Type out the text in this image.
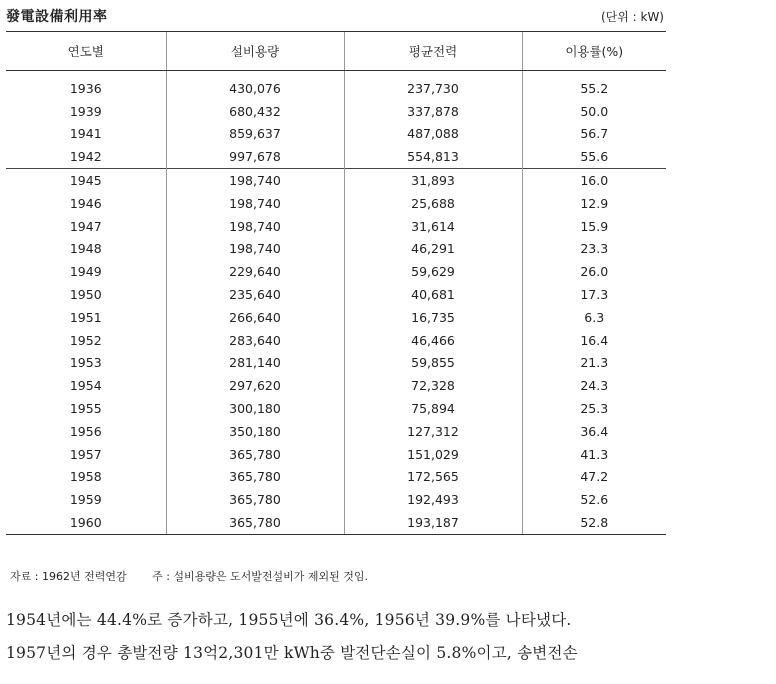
發電設備利用率	(단위 : kW)
연도별	설비용량	평균전력	이용률(%)
1936	430,076	237,730	55.2
1939	680,432	337,878	50.0
1941	859,637	487,088	56.7
1942	997,678	554,813	55.6
1945	198,740	31,893	16.0
1946	198,740	25,688	12.9
1947	198,740	31,614	15.9
1948	198,740	46,291	23.3
1949	229,640	59,629	26.0
1950	235,640	40,681	17.3
1951	266,640	16,735	6.3
1952	283,640	46,466	16.4
1953	281,140	59,855	21.3
1954	297,620	72,328	24.3
1955	300,180	75,894	25.3
1956	350,180	127,312	36.4
1957	365,780	151,029	41.3
1958	365,780	172,565	47.2
1959	365,780	192,493	52.6
1960	365,780	193,187	52.8
자료 : 1962년 전력연감 주 : 설비용량은 도서발전설비가 제외된 것임.
1954년에는 44.4%로 증가하고, 1955년에 36.4%, 1956년 39.9%를 나타냈다.
1957년의 경우 총발전량 13억2,301만 kWh중 발전단손실이 5.8%이고, 송변전손
